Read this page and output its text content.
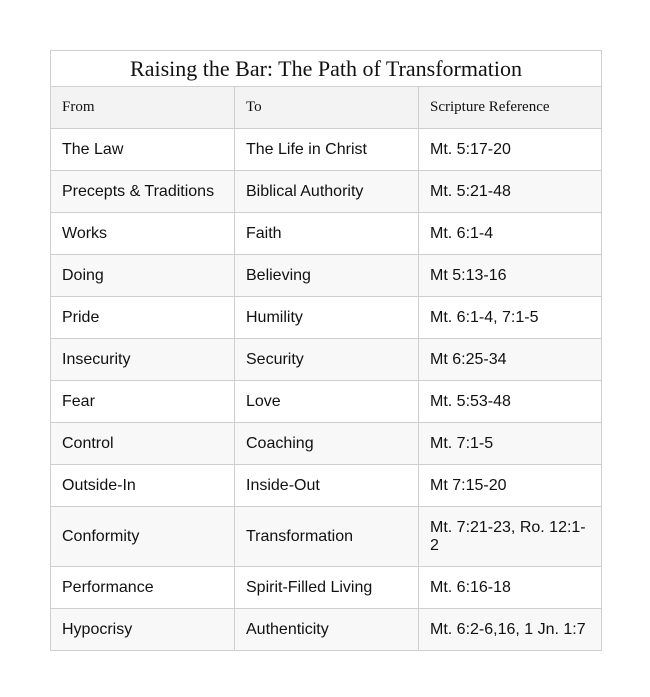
Raising the Bar: The Path of Transformation		
From	To	Scripture Reference
The Law	The Life in Christ	Mt. 5:17-20
Precepts & Traditions	Biblical Authority	Mt. 5:21-48
Works	Faith	Mt. 6:1-4
Doing	Believing	Mt 5:13-16
Pride	Humility	Mt. 6:1-4, 7:1-5
Insecurity	Security	Mt 6:25-34
Fear	Love	Mt. 5:53-48
Control	Coaching	Mt. 7:1-5
Outside-In	Inside-Out	Mt 7:15-20
Conformity	Transformation	Mt. 7:21-23, Ro. 12:1-2
Performance	Spirit-Filled Living	Mt. 6:16-18
Hypocrisy	Authenticity	Mt. 6:2-6,16, 1 Jn. 1:7
